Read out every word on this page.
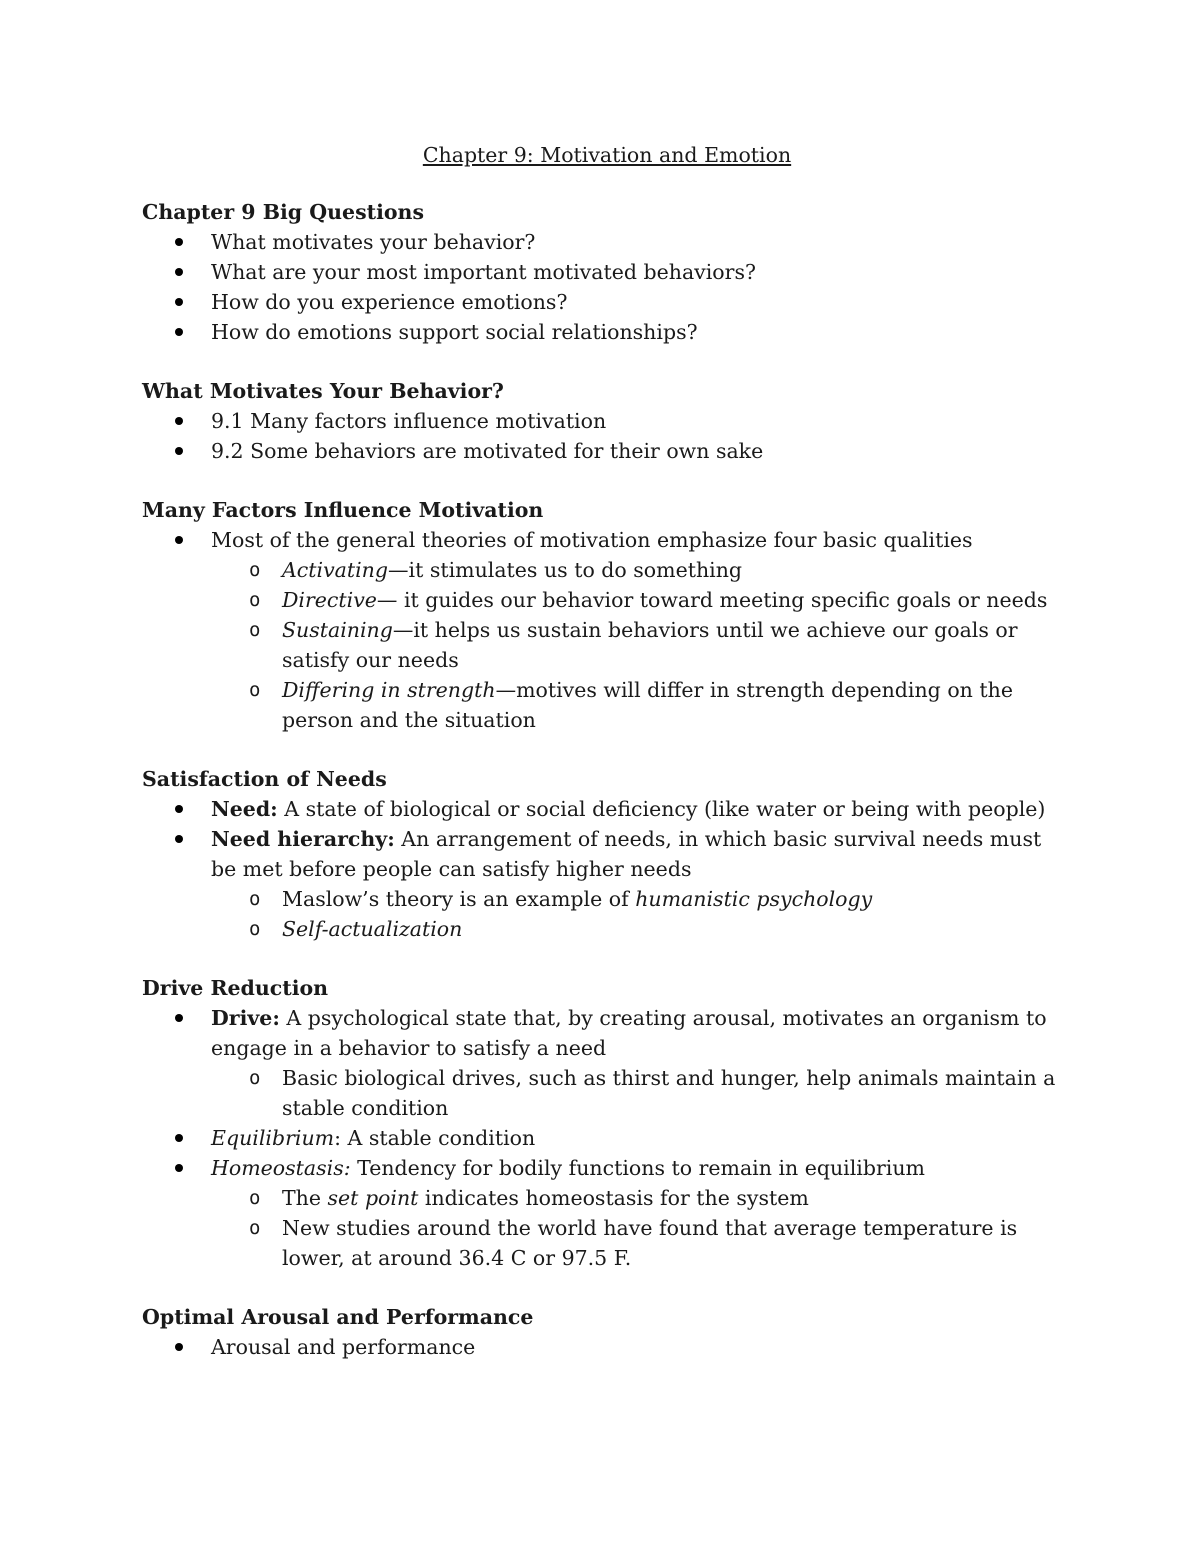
Chapter 9: Motivation and Emotion

Chapter 9 Big Questions

What motivates your behavior?
What are your most important motivated behaviors?
How do you experience emotions?
How do emotions support social relationships?

What Motivates Your Behavior?

9.1 Many factors influence motivation
9.2 Some behaviors are motivated for their own sake

Many Factors Influence Motivation

Most of the general theories of motivation emphasize four basic qualities
o Activating—it stimulates us to do something
o Directive— it guides our behavior toward meeting specific goals or needs
o Sustaining—it helps us sustain behaviors until we achieve our goals or satisfy our needs
o Differing in strength—motives will differ in strength depending on the person and the situation

Satisfaction of Needs

Need: A state of biological or social deficiency (like water or being with people)
Need hierarchy: An arrangement of needs, in which basic survival needs must be met before people can satisfy higher needs
o Maslow’s theory is an example of humanistic psychology
o Self-actualization

Drive Reduction

Drive: A psychological state that, by creating arousal, motivates an organism to engage in a behavior to satisfy a need
o Basic biological drives, such as thirst and hunger, help animals maintain a stable condition
Equilibrium: A stable condition
Homeostasis: Tendency for bodily functions to remain in equilibrium
o The set point indicates homeostasis for the system
o New studies around the world have found that average temperature is lower, at around 36.4 C or 97.5 F.

Optimal Arousal and Performance

Arousal and performance
